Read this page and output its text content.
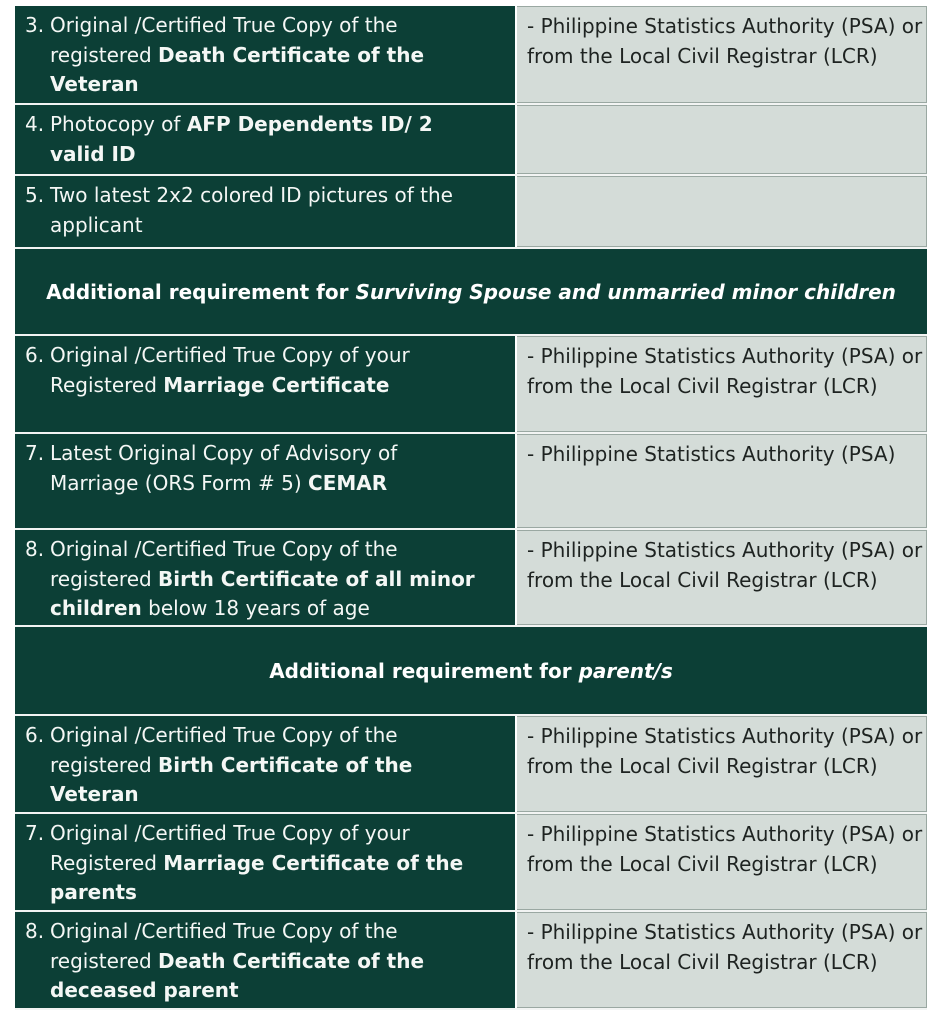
3. Original /Certified True Copy of the
registered Death Certificate of the Veteran
- Philippine Statistics Authority (PSA) or from the Local Civil Registrar (LCR)
4. Photocopy of AFP Dependents ID/ 2 valid ID
5. Two latest 2x2 colored ID pictures of the applicant
Additional requirement for Surviving Spouse and unmarried minor children
6. Original /Certified True Copy of your
Registered Marriage Certificate
- Philippine Statistics Authority (PSA) or from the Local Civil Registrar (LCR)
7. Latest Original Copy of Advisory of
Marriage (ORS Form # 5) CEMAR
- Philippine Statistics Authority (PSA)
8. Original /Certified True Copy of the
registered Birth Certificate of all minor children below 18 years of age
- Philippine Statistics Authority (PSA) or from the Local Civil Registrar (LCR)
Additional requirement for parent/s
6. Original /Certified True Copy of the
registered Birth Certificate of the Veteran
- Philippine Statistics Authority (PSA) or from the Local Civil Registrar (LCR)
7. Original /Certified True Copy of your
Registered Marriage Certificate of the parents
- Philippine Statistics Authority (PSA) or from the Local Civil Registrar (LCR)
8. Original /Certified True Copy of the
registered Death Certificate of the deceased parent
- Philippine Statistics Authority (PSA) or from the Local Civil Registrar (LCR)
